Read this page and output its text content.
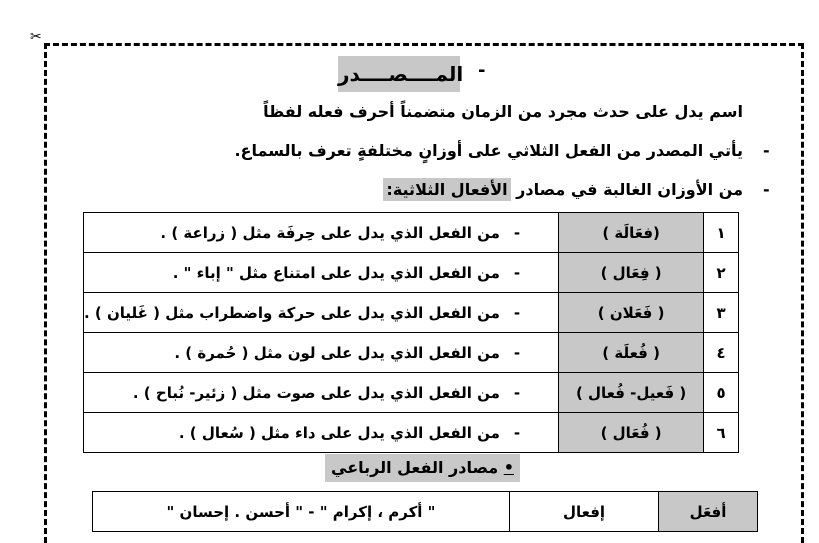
✂
المــــصــــدر -
اسم يدل على حدث مجرد من الزمان متضمناً أحرف فعله لفظاً
يأتي المصدر من الفعل الثلاثي على أوزانٍ مختلفةٍ تعرف بالسماع. -
من الأوزان الغالبة في مصادر الأفعال الثلاثية:	-
١	(فعَالَة )	-من الفعل الذي يدل على حِرفَة مثل ( زراعة ) .
٢	( فِعَال )	-من الفعل الذي يدل على امتناع مثل " إباء " .
٣	( فَعَلان )	-من الفعل الذي يدل على حركة واضطراب مثل ( غَليان ) .
٤	( فُعلَة )	-من الفعل الذي يدل على لون مثل ( حُمرة ) .
٥	( فَعيل- فُعال )	-من الفعل الذي يدل على صوت مثل ( زئير- نُباح ) .
٦	( فُعَال )	-من الفعل الذي يدل على داء مثل ( سُعال ) .
• مصادر الفعل الرباعي
أفعَل	إفعال	" أكرم ، إكرام " - " أحسن . إحسان "
